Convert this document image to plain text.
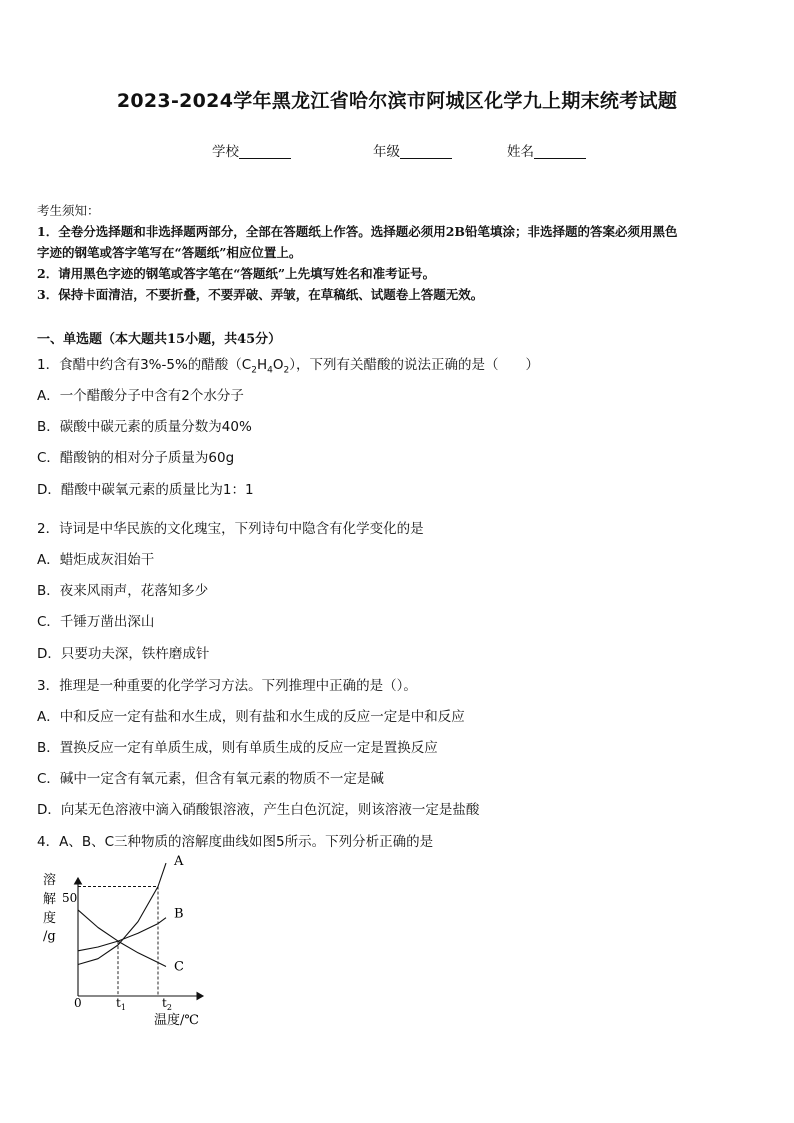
2023-2024学年黑龙江省哈尔滨市阿城区化学九上期末统考试题
学校	年级	姓名
考生须知：
1．全卷分选择题和非选择题两部分，全部在答题纸上作答。选择题必须用2B铅笔填涂；非选择题的答案必须用黑色
字迹的钢笔或答字笔写在“答题纸”相应位置上。
2．请用黑色字迹的钢笔或答字笔在“答题纸”上先填写姓名和准考证号。
3．保持卡面清洁，不要折叠，不要弄破、弄皱，在草稿纸、试题卷上答题无效。
一、单选题（本大题共15小题，共45分）
1．食醋中约含有3%-5%的醋酸$(C_2H_4O_2)$，下列有关醋酸的说法正确的是（　　）
A．一个醋酸分子中含有2个水分子
B．碳酸中碳元素的质量分数为40%
C．醋酸钠的相对分子质量为60g
D．醋酸中碳氧元素的质量比为1：1
2．诗词是中华民族的文化瑰宝，下列诗句中隐含有化学变化的是
A．蜡炬成灰泪始干
B．夜来风雨声，花落知多少
C．千锤万凿出深山
D．只要功夫深，铁杵磨成针
3．推理是一种重要的化学学习方法。下列推理中正确的是（）。
A．中和反应一定有盐和水生成，则有盐和水生成的反应一定是中和反应
B．置换反应一定有单质生成，则有单质生成的反应一定是置换反应
C．碱中一定含有氧元素，但含有氧元素的物质不一定是碱
D．向某无色溶液中滴入硝酸银溶液，产生白色沉淀，则该溶液一定是盐酸
4．A、B、C三种物质的溶解度曲线如图5所示。下列分析正确的是
溶
解
度
/g
0
50
A
B
C
$t_1$	$t_2$
温度/℃
